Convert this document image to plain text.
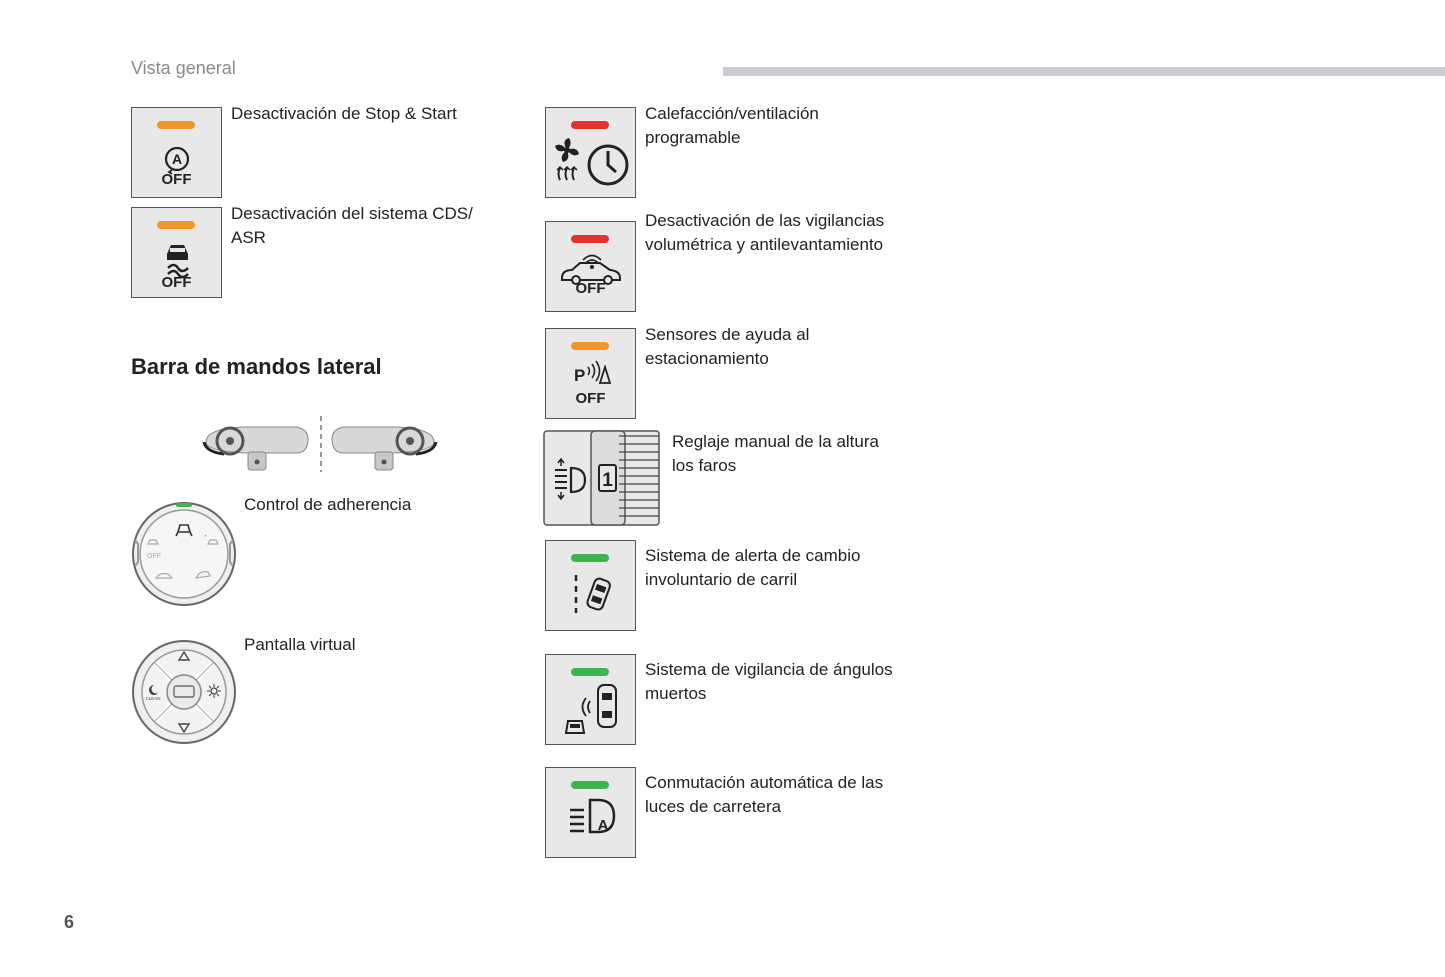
Vista general
6
A
OFF
Desactivación de Stop & Start
OFF
Desactivación del sistema CDS/
ASR
Barra de mandos lateral
OFF
*
Control de adherencia
CLEAN
Pantalla virtual
Calefacción/ventilación
programable
OFF
Desactivación de las vigilancias
volumétrica y antilevantamiento
P
OFF
Sensores de ayuda al
estacionamiento
1
Reglaje manual de la altura
los faros
Sistema de alerta de cambio
involuntario de carril
Sistema de vigilancia de ángulos
muertos
A
Conmutación automática de las
luces de carretera
